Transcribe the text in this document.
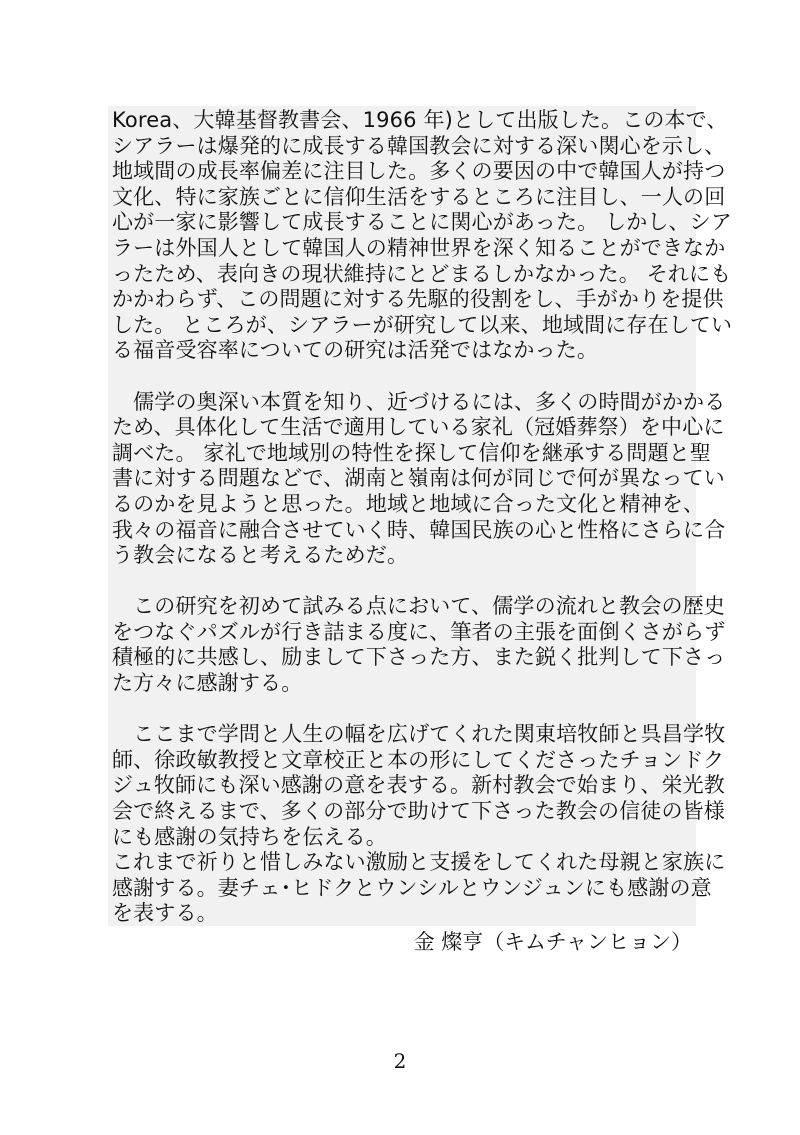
Korea、大韓基督教書会、1966 年)として出版した。この本で、
シアラーは爆発的に成長する韓国教会に対する深い関心を示し、
地域間の成長率偏差に注目した。多くの要因の中で韓国人が持つ
文化、特に家族ごとに信仰生活をするところに注目し、一人の回
心が一家に影響して成長することに関心があった。 しかし、シア
ラーは外国人として韓国人の精神世界を深く知ることができなか
ったため、表向きの現状維持にとどまるしかなかった。 それにも
かかわらず、この問題に対する先駆的役割をし、手がかりを提供
した。 ところが、シアラーが研究して以来、地域間に存在してい
る福音受容率についての研究は活発ではなかった。
　儒学の奥深い本質を知り、近づけるには、多くの時間がかかる
ため、具体化して生活で適用している家礼（冠婚葬祭）を中心に
調べた。 家礼で地域別の特性を探して信仰を継承する問題と聖
書に対する問題などで、湖南と嶺南は何が同じで何が異なってい
るのかを見ようと思った。地域と地域に合った文化と精神を、
我々の福音に融合させていく時、韓国民族の心と性格にさらに合
う教会になると考えるためだ。
　この研究を初めて試みる点において、儒学の流れと教会の歴史
をつなぐパズルが行き詰まる度に、筆者の主張を面倒くさがらず
積極的に共感し、励まして下さった方、また鋭く批判して下さっ
た方々に感謝する。
　ここまで学問と人生の幅を広げてくれた関東培牧師と呉昌学牧
師、徐政敏教授と文章校正と本の形にしてくださったチョンドク
ジュ牧師にも深い感謝の意を表する。新村教会で始まり、栄光教
会で終えるまで、多くの部分で助けて下さった教会の信徒の皆様
にも感謝の気持ちを伝える。
これまで祈りと惜しみない激励と支援をしてくれた母親と家族に
感謝する。妻チェ･ヒドクとウンシルとウンジュンにも感謝の意
を表する。
金 燦亨（キムチャンヒョン）
2
